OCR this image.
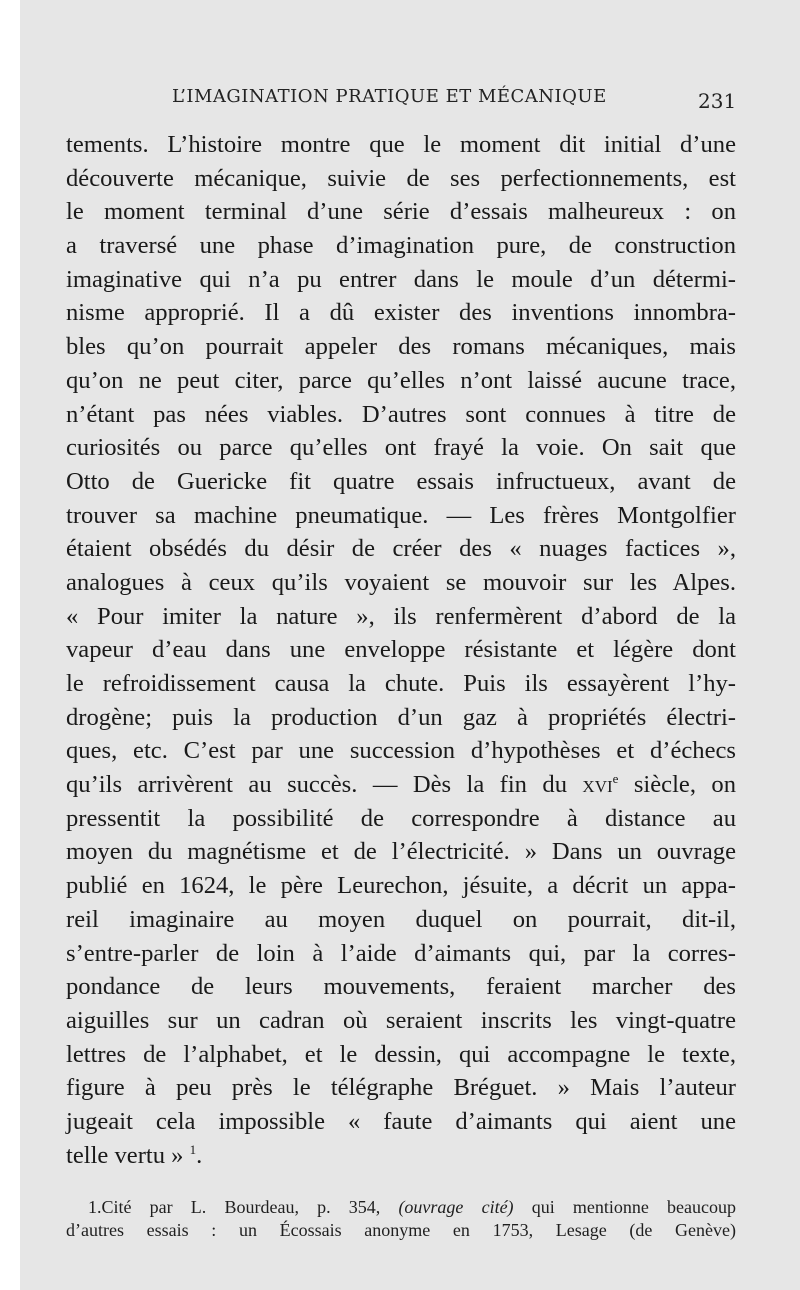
L’IMAGINATION PRATIQUE ET MÉCANIQUE	231
tements. L’histoire montre que le moment dit initial d’une
découverte mécanique, suivie de ses perfectionnements, est
le moment terminal d’une série d’essais malheureux : on
a traversé une phase d’imagination pure, de construction
imaginative qui n’a pu entrer dans le moule d’un détermi-
nisme approprié. Il a dû exister des inventions innombra-
bles qu’on pourrait appeler des romans mécaniques, mais
qu’on ne peut citer, parce qu’elles n’ont laissé aucune trace,
n’étant pas nées viables. D’autres sont connues à titre de
curiosités ou parce qu’elles ont frayé la voie. On sait que
Otto de Guericke fit quatre essais infructueux, avant de
trouver sa machine pneumatique. — Les frères Montgolfier
étaient obsédés du désir de créer des « nuages factices »,
analogues à ceux qu’ils voyaient se mouvoir sur les Alpes.
« Pour imiter la nature », ils renfermèrent d’abord de la
vapeur d’eau dans une enveloppe résistante et légère dont
le refroidissement causa la chute. Puis ils essayèrent l’hy-
drogène; puis la production d’un gaz à propriétés électri-
ques, etc. C’est par une succession d’hypothèses et d’échecs
qu’ils arrivèrent au succès. — Dès la fin du xvi$^e$ siècle, on
pressentit la possibilité de correspondre à distance au
moyen du magnétisme et de l’électricité. » Dans un ouvrage
publié en 1624, le père Leurechon, jésuite, a décrit un appa-
reil imaginaire au moyen duquel on pourrait, dit-il,
s’entre-parler de loin à l’aide d’aimants qui, par la corres-
pondance de leurs mouvements, feraient marcher des
aiguilles sur un cadran où seraient inscrits les vingt-quatre
lettres de l’alphabet, et le dessin, qui accompagne le texte,
figure à peu près le télégraphe Bréguet. » Mais l’auteur
jugeait cela impossible « faute d’aimants qui aient une
telle vertu » $^1$.
1.Cité par L. Bourdeau, p. 354, (ouvrage cité) qui mentionne beaucoup
d’autres essais : un Écossais anonyme en 1753, Lesage (de Genève)
